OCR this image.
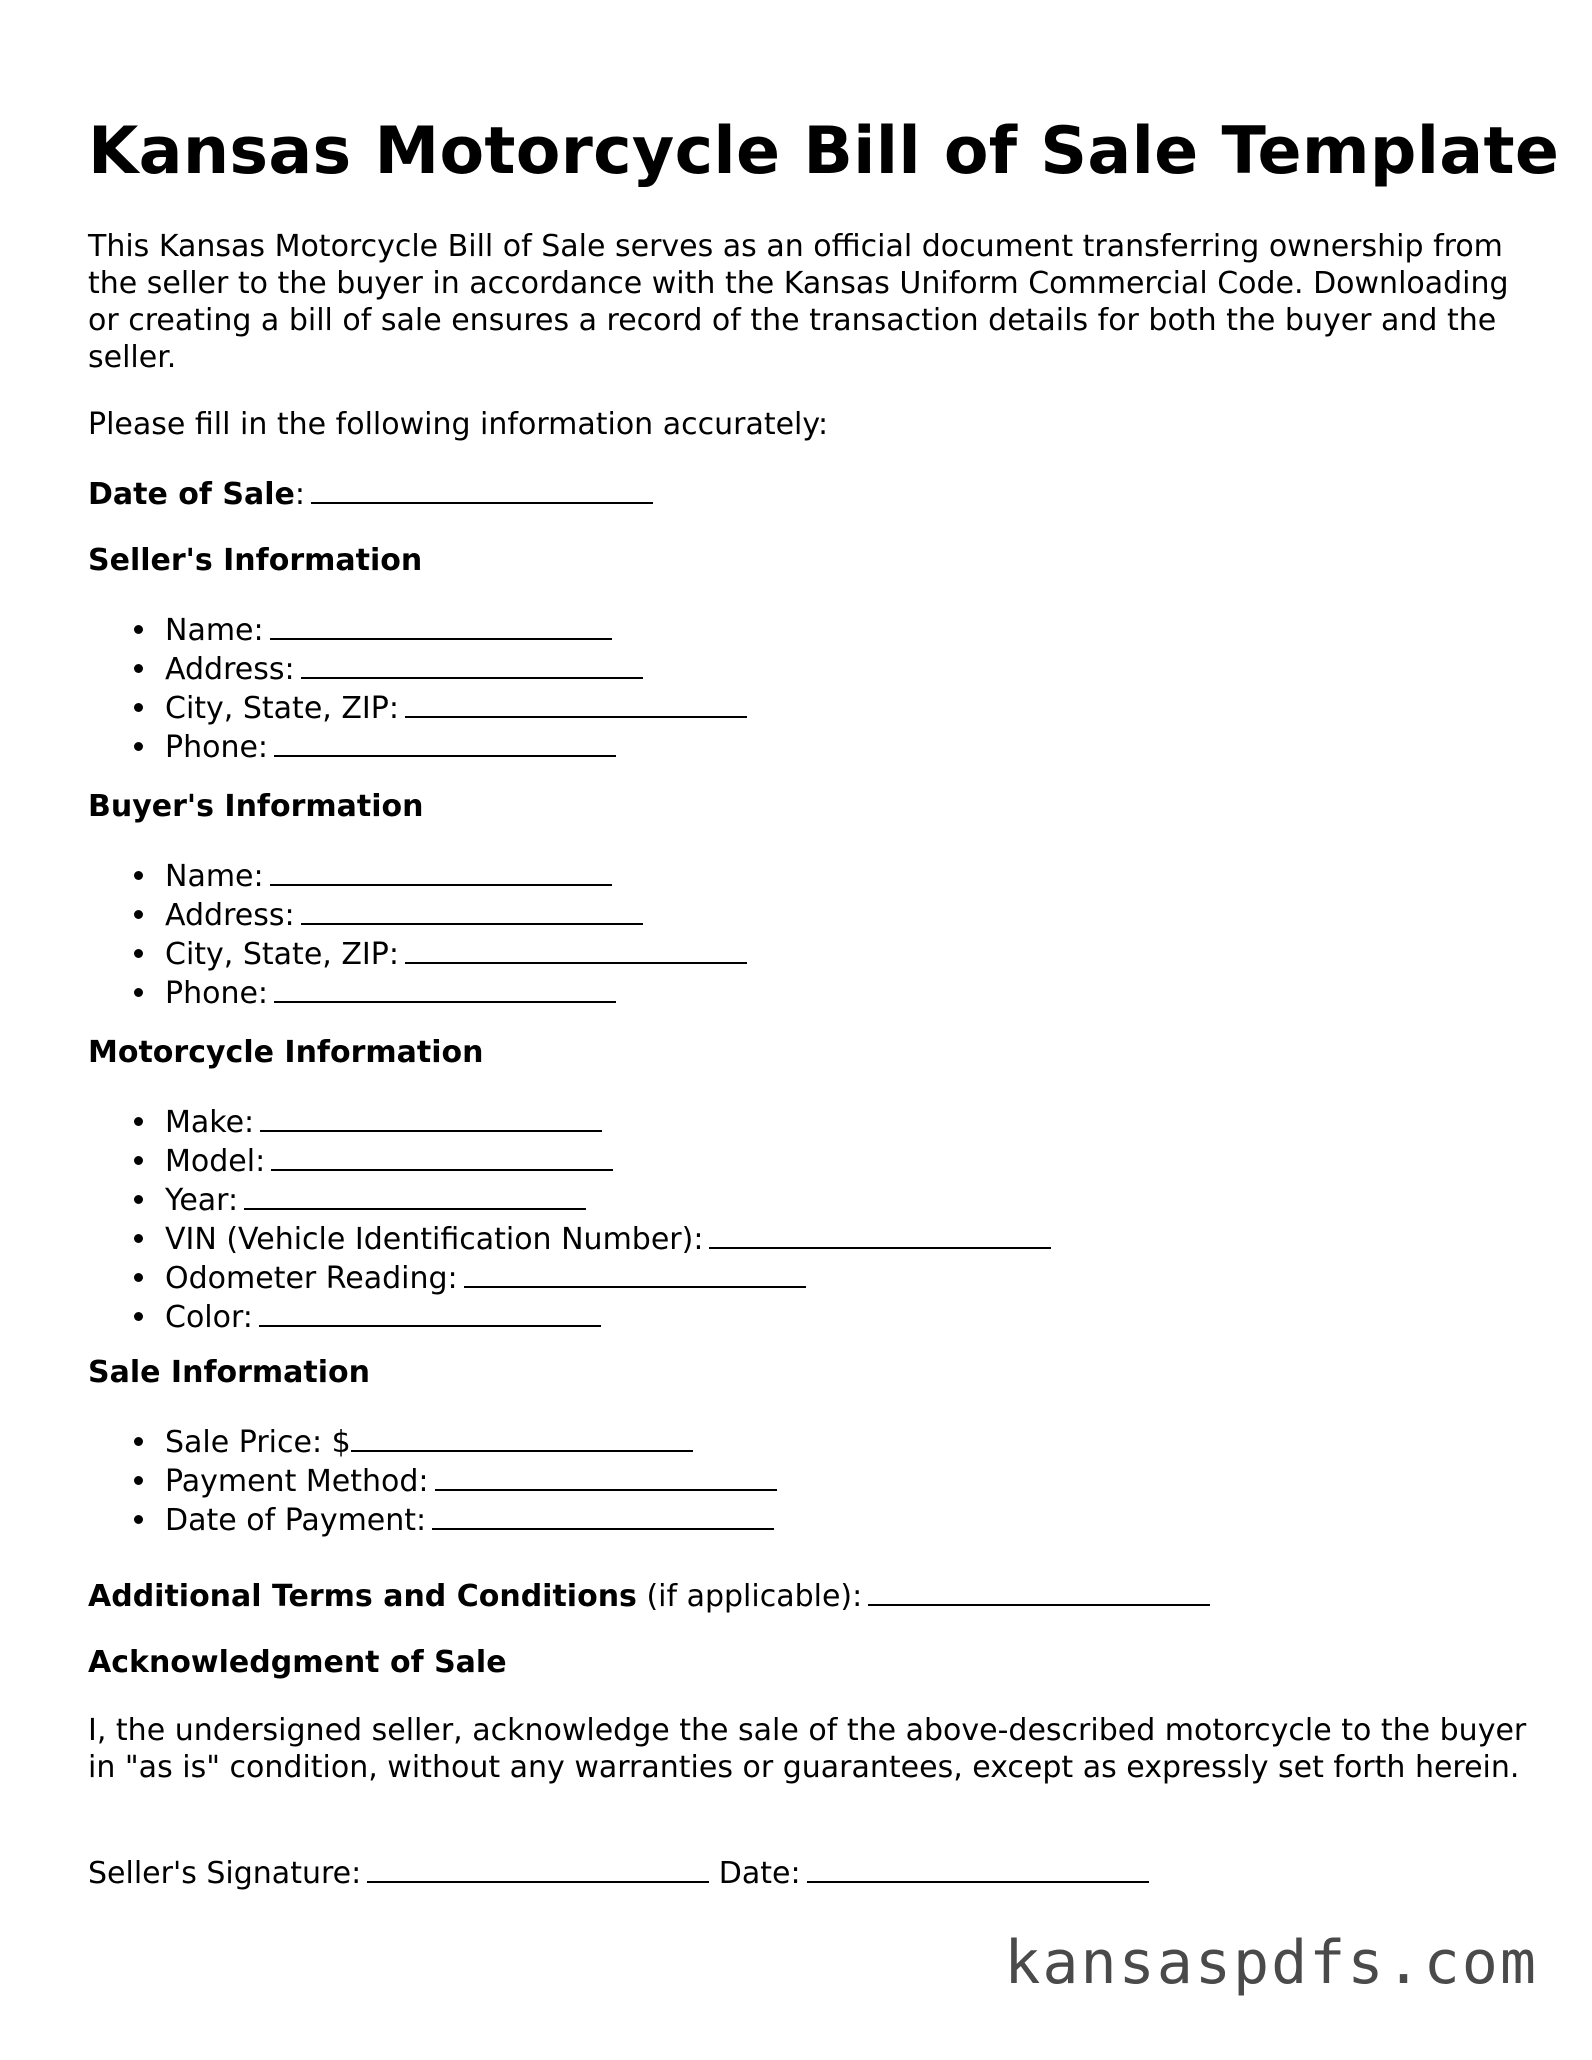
Kansas Motorcycle Bill of Sale Template

This Kansas Motorcycle Bill of Sale serves as an official document transferring ownership from the seller to the buyer in accordance with the Kansas Uniform Commercial Code. Downloading or creating a bill of sale ensures a record of the transaction details for both the buyer and the seller.

Please fill in the following information accurately:

Date of Sale:
Seller's Information
Name:
Address:
City, State, ZIP:
Phone:
Buyer's Information
Name:
Address:
City, State, ZIP:
Phone:
Motorcycle Information
Make:
Model:
Year:
VIN (Vehicle Identification Number):
Odometer Reading:
Color:
Sale Information
Sale Price: $
Payment Method:
Date of Payment:
Additional Terms and Conditions (if applicable):
Acknowledgment of Sale

I, the undersigned seller, acknowledge the sale of the above-described motorcycle to the buyer in "as is" condition, without any warranties or guarantees, except as expressly set forth herein.

Seller's Signature:	Date:
kansaspdfs.com
